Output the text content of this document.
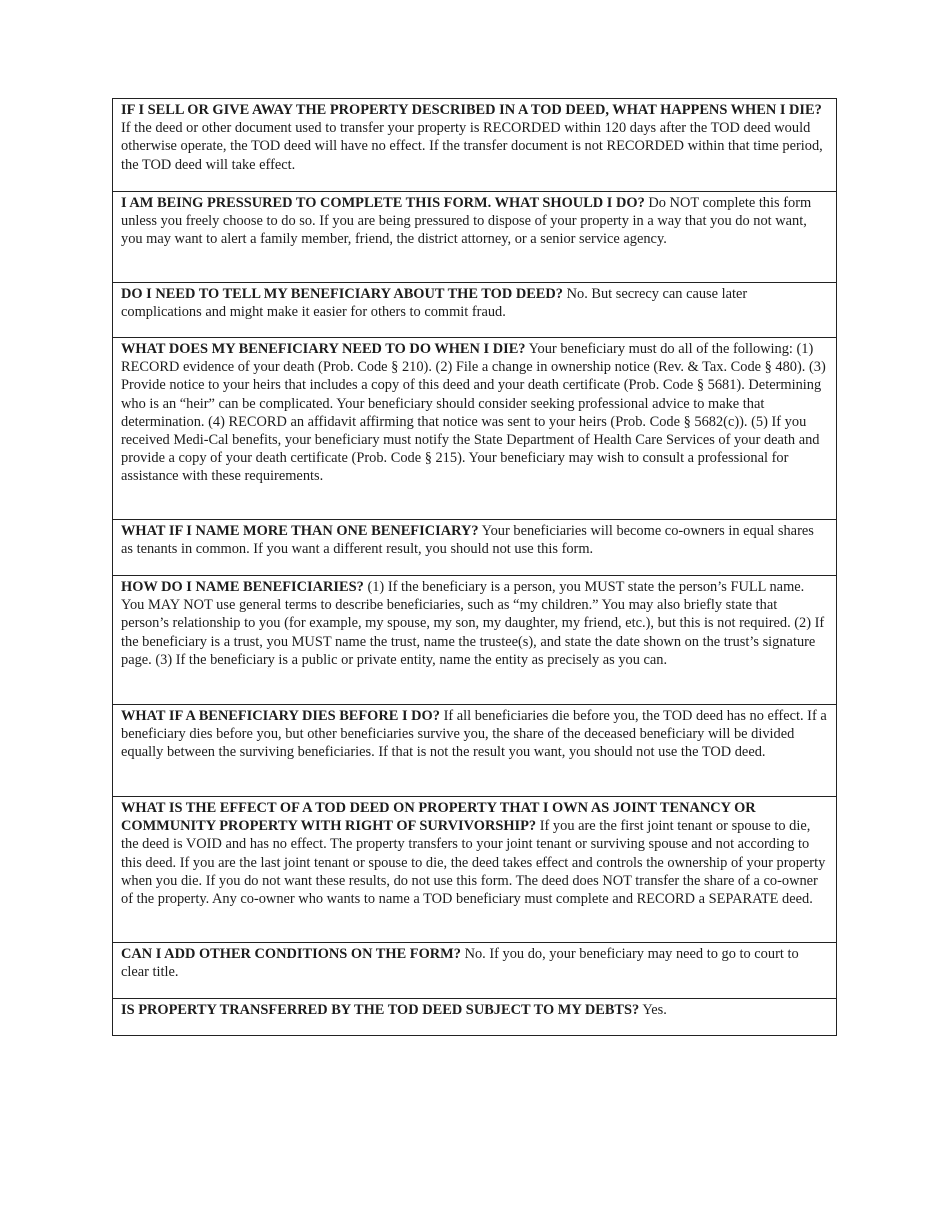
IF I SELL OR GIVE AWAY THE PROPERTY DESCRIBED IN A TOD DEED, WHAT HAPPENS WHEN I DIE? If the deed or other document used to transfer your property is RECORDED within 120 days after the TOD deed would otherwise operate, the TOD deed will have no effect. If the transfer document is not RECORDED within that time period, the TOD deed will take effect.
I AM BEING PRESSURED TO COMPLETE THIS FORM. WHAT SHOULD I DO? Do NOT complete this form unless you freely choose to do so. If you are being pressured to dispose of your property in a way that you do not want, you may want to alert a family member, friend, the district attorney, or a senior service agency.
DO I NEED TO TELL MY BENEFICIARY ABOUT THE TOD DEED? No. But secrecy can cause later complications and might make it easier for others to commit fraud.
WHAT DOES MY BENEFICIARY NEED TO DO WHEN I DIE? Your beneficiary must do all of the following: (1) RECORD evidence of your death (Prob. Code § 210). (2) File a change in ownership notice (Rev. & Tax. Code § 480). (3) Provide notice to your heirs that includes a copy of this deed and your death certificate (Prob. Code § 5681). Determining who is an “heir” can be complicated. Your beneficiary should consider seeking professional advice to make that determination. (4) RECORD an affidavit affirming that notice was sent to your heirs (Prob. Code § 5682(c)). (5) If you received Medi-Cal benefits, your beneficiary must notify the State Department of Health Care Services of your death and provide a copy of your death certificate (Prob. Code § 215). Your beneficiary may wish to consult a professional for assistance with these requirements.
WHAT IF I NAME MORE THAN ONE BENEFICIARY? Your beneficiaries will become co-owners in equal shares as tenants in common. If you want a different result, you should not use this form.
HOW DO I NAME BENEFICIARIES? (1) If the beneficiary is a person, you MUST state the person’s FULL name. You MAY NOT use general terms to describe beneficiaries, such as “my children.” You may also briefly state that person’s relationship to you (for example, my spouse, my son, my daughter, my friend, etc.), but this is not required. (2) If the beneficiary is a trust, you MUST name the trust, name the trustee(s), and state the date shown on the trust’s signature page. (3) If the beneficiary is a public or private entity, name the entity as precisely as you can.
WHAT IF A BENEFICIARY DIES BEFORE I DO? If all beneficiaries die before you, the TOD deed has no effect. If a beneficiary dies before you, but other beneficiaries survive you, the share of the deceased beneficiary will be divided equally between the surviving beneficiaries. If that is not the result you want, you should not use the TOD deed.
WHAT IS THE EFFECT OF A TOD DEED ON PROPERTY THAT I OWN AS JOINT TENANCY OR COMMUNITY PROPERTY WITH RIGHT OF SURVIVORSHIP? If you are the first joint tenant or spouse to die, the deed is VOID and has no effect. The property transfers to your joint tenant or surviving spouse and not according to this deed. If you are the last joint tenant or spouse to die, the deed takes effect and controls the ownership of your property when you die. If you do not want these results, do not use this form. The deed does NOT transfer the share of a co-owner of the property. Any co-owner who wants to name a TOD beneficiary must complete and RECORD a SEPARATE deed.
CAN I ADD OTHER CONDITIONS ON THE FORM? No. If you do, your beneficiary may need to go to court to clear title.
IS PROPERTY TRANSFERRED BY THE TOD DEED SUBJECT TO MY DEBTS? Yes.
